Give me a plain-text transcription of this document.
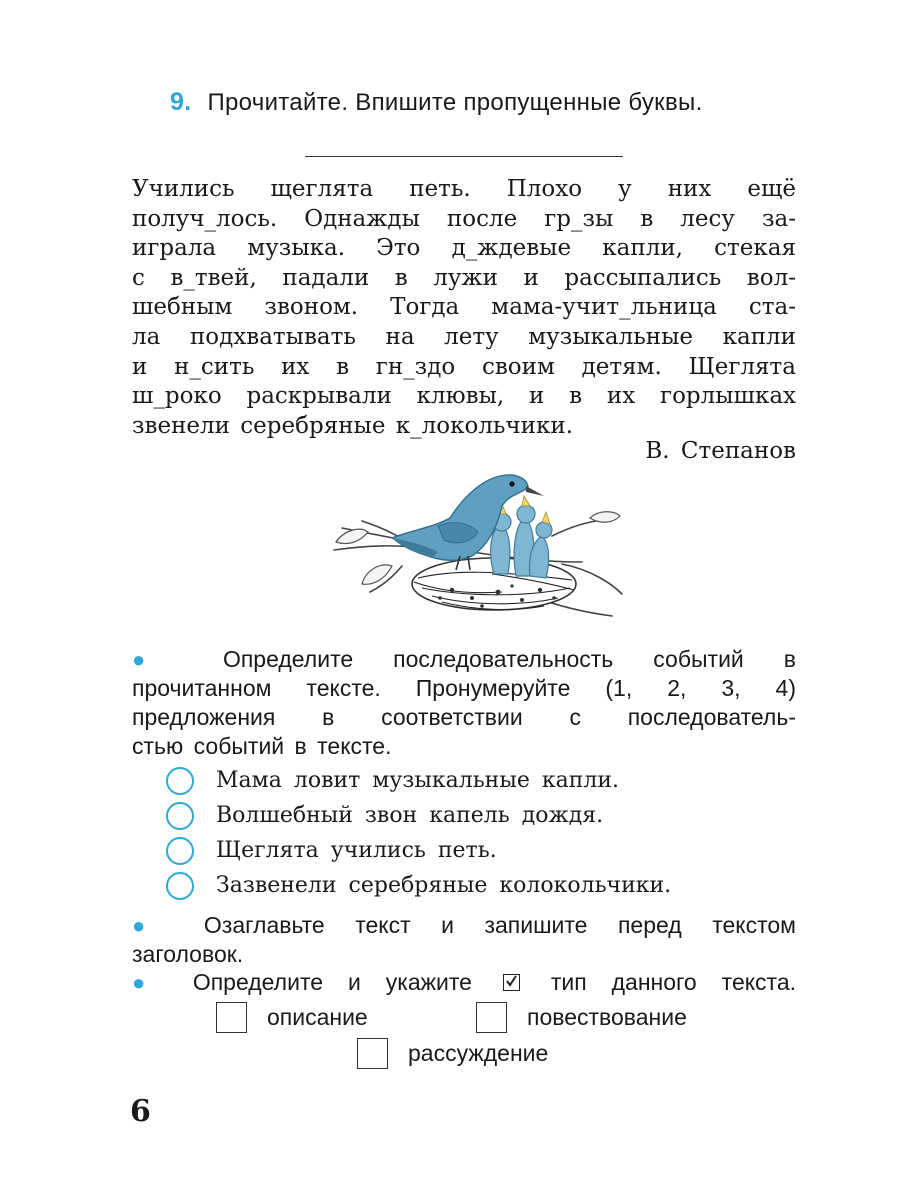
9. Прочитайте. Впишите пропущенные буквы.
Учились щеглята петь. Плохо у них ещё
получ_лось. Однажды после гр_зы в лесу за-
играла музыка. Это д_ждевые капли, стекая
с в_твей, падали в лужи и рассыпались вол-
шебным звоном. Тогда мама-учит_льница ста-
ла подхватывать на лету музыкальные капли
и н_сить их в гн_здо своим детям. Щеглята
ш_роко раскрывали клювы, и в их горлышках
звенели серебряные к_локольчики.
В. Степанов
● Определите последовательность событий в
прочитанном тексте. Пронумеруйте (1, 2, 3, 4)
предложения в соответствии с последователь-
стью событий в тексте.
Мама ловит музыкальные капли.
Волшебный звон капель дождя.
Щеглята учились петь.
Зазвенели серебряные колокольчики.
● Озаглавьте текст и запишите перед текстом
заголовок.
● Определите и укажите	тип данного текста.
описание	повествование
рассуждение
6
